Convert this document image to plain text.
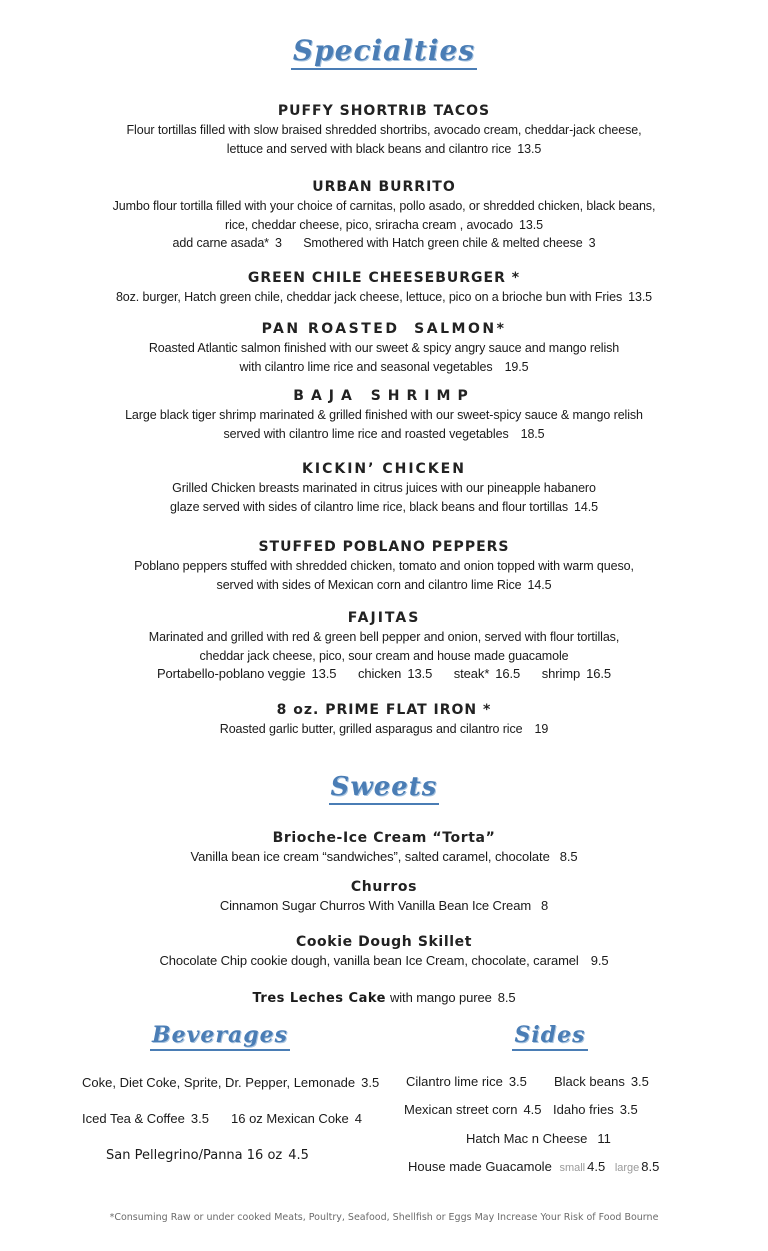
Specialties
PUFFY SHORTRIB TACOS
Flour tortillas filled with slow braised shredded shortribs, avocado cream, cheddar-jack cheese,
lettuce and served with black beans and cilantro rice 13.5
URBAN BURRITO
Jumbo flour tortilla filled with your choice of carnitas, pollo asado, or shredded chicken, black beans,
rice, cheddar cheese, pico, sriracha cream , avocado 13.5
add carne asada* 3 Smothered with Hatch green chile & melted cheese 3
GREEN CHILE CHEESEBURGER *
8oz. burger, Hatch green chile, cheddar jack cheese, lettuce, pico on a brioche bun with Fries 13.5
PAN ROASTED  SALMON*
Roasted Atlantic salmon finished with our sweet & spicy angry sauce and mango relish
with cilantro lime rice and seasonal vegetables 19.5
BAJA SHRIMP
Large black tiger shrimp marinated & grilled finished with our sweet-spicy sauce & mango relish
served with cilantro lime rice and roasted vegetables 18.5
KICKIN’ CHICKEN
Grilled Chicken breasts marinated in citrus juices with our pineapple habanero
glaze served with sides of cilantro lime rice, black beans and flour tortillas 14.5
STUFFED POBLANO PEPPERS
Poblano peppers stuffed with shredded chicken, tomato and onion topped with warm queso,
served with sides of Mexican corn and cilantro lime Rice 14.5
FAJITAS
Marinated and grilled with red & green bell pepper and onion, served with flour tortillas,
cheddar jack cheese, pico, sour cream and house made guacamole
Portabello-poblano veggie 13.5 chicken 13.5 steak* 16.5 shrimp 16.5
8 oz. PRIME FLAT IRON *
Roasted garlic butter, grilled asparagus and cilantro rice 19
Sweets
Brioche-Ice Cream “Torta”
Vanilla bean ice cream “sandwiches”, salted caramel, chocolate 8.5
Churros
Cinnamon Sugar Churros With Vanilla Bean Ice Cream 8
Cookie Dough Skillet
Chocolate Chip cookie dough, vanilla bean Ice Cream, chocolate, caramel 9.5
Tres Leches Cake with mango puree 8.5
Beverages
Coke, Diet Coke, Sprite, Dr. Pepper, Lemonade 3.5
Iced Tea & Coffee 3.5 16 oz Mexican Coke 4
San Pellegrino/Panna 16 oz 4.5
Sides
Cilantro lime rice 3.5 Black beans 3.5
Mexican street corn 4.5 Idaho fries 3.5
Hatch Mac n Cheese 11
House made Guacamole small 4.5 large 8.5
*Consuming Raw or under cooked Meats, Poultry, Seafood, Shellfish or Eggs May Increase Your Risk of Food Bourne
